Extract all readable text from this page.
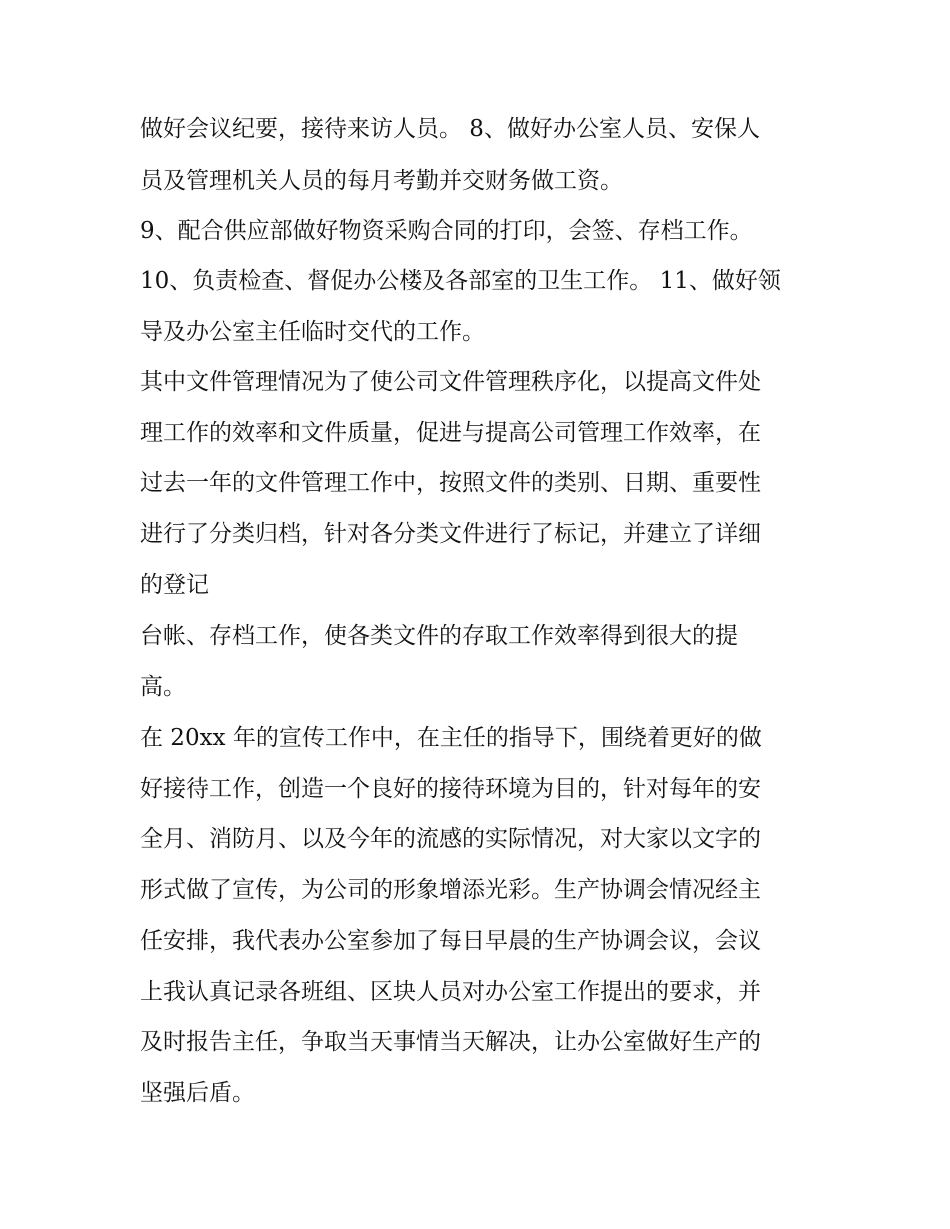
做好会议纪要，接待来访人员。 8、做好办公室人员、安保人
员及管理机关人员的每月考勤并交财务做工资。
9、配合供应部做好物资采购合同的打印，会签、存档工作。
10、负责检查、督促办公楼及各部室的卫生工作。 11、做好领
导及办公室主任临时交代的工作。
其中文件管理情况为了使公司文件管理秩序化，以提高文件处
理工作的效率和文件质量，促进与提高公司管理工作效率，在
过去一年的文件管理工作中，按照文件的类别、日期、重要性
进行了分类归档，针对各分类文件进行了标记，并建立了详细
的登记
台帐、存档工作，使各类文件的存取工作效率得到很大的提
高。
在 20xx 年的宣传工作中，在主任的指导下，围绕着更好的做
好接待工作，创造一个良好的接待环境为目的，针对每年的安
全月、消防月、以及今年的流感的实际情况，对大家以文字的
形式做了宣传，为公司的形象增添光彩。生产协调会情况经主
任安排，我代表办公室参加了每日早晨的生产协调会议，会议
上我认真记录各班组、区块人员对办公室工作提出的要求，并
及时报告主任，争取当天事情当天解决，让办公室做好生产的
坚强后盾。
